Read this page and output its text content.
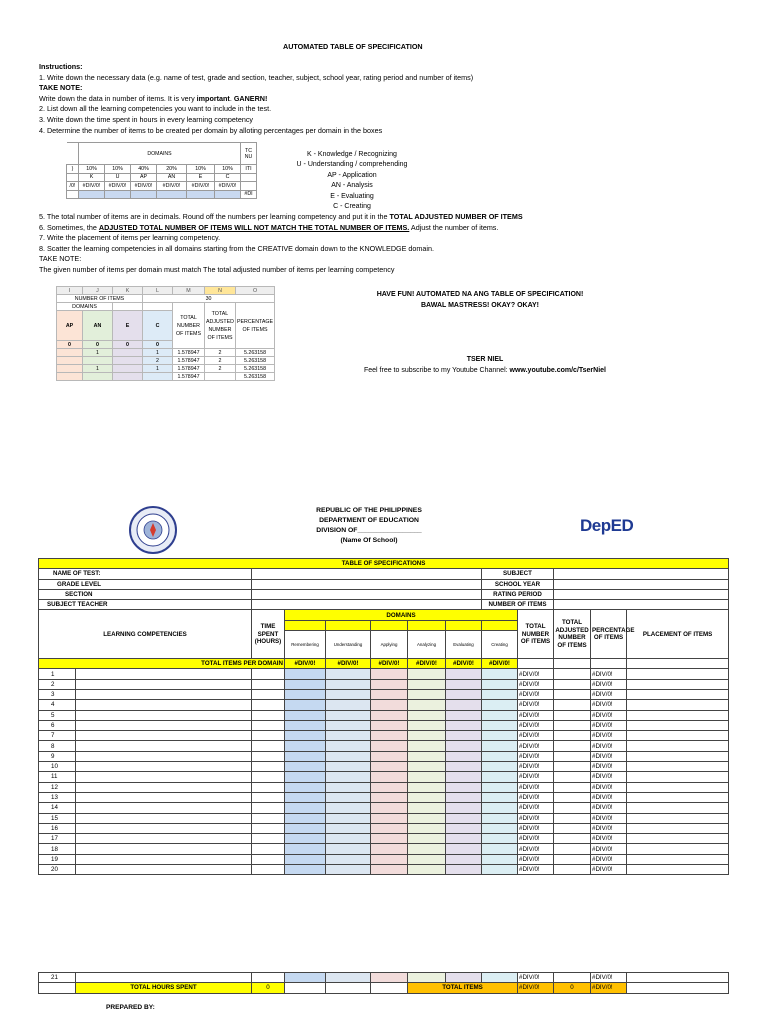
AUTOMATED TABLE OF SPECIFICATION
Instructions:
1. Write down the necessary data (e.g. name of test, grade and section, teacher, subject, school year, rating period and number of items)
TAKE NOTE:
Write down the data in number of items. It is very important. GANERN!
2. List down all the learning competencies you want to include in the test.
3. Write down the time spent in hours in every learning competency
4. Determine the number of items to be created per domain by alloting percentages per domain in the boxes
5. The total number of items are in decimals. Round off the numbers per learning competency and put it in the TOTAL ADJUSTED NUMBER OF ITEMS
6. Sometimes, the ADJUSTED TOTAL NUMBER OF ITEMS WILL NOT MATCH THE TOTAL NUMBER OF ITEMS. Adjust the number of items.
7. Write the placement of items per learning competency.
8. Scatter the learning competencies in all domains starting from the CREATIVE domain down to the KNOWLEDGE domain.
TAKE NOTE:
The given number of items per domain must match The total adjusted number of items per learning competency
	DOMAINS						TC
NU

)	10%	10%	40%	20%	10%	10%	ITI
	K	U	AP	AN	E	C	
/0!	#DIV/0!	#DIV/0!	#DIV/0!	#DIV/0!	#DIV/0!	#DIV/0!	
							#DI
K - Knowledge / Recognizing
U - Understanding / comprehending
AP - Application
AN - Analysis
E - Evaluating
C - Creating
I	J	K	L	M	N	O
NUMBER OF ITEMS			30			
DOMAINS				TOTAL NUMBER OF ITEMS	TOTAL ADJUSTED NUMBER OF ITEMS	PERCENTAGE OF ITEMS
AP	AN	E	C			
0	0	0	0			
	1		1	1.578947	2	5.263158
			2	1.578947	2	5.263158
	1		1	1.578947	2	5.263158
				1.578947		5.263158
HAVE FUN! AUTOMATED NA ANG TABLE OF SPECIFICATION!
BAWAL MASTRESS! OKAY? OKAY!
TSER NIEL
Feel free to subscribe to my Youtube Channel: www.youtube.com/c/TserNiel
REPUBLIC OF THE PHILIPPINES
DEPARTMENT OF EDUCATION
DIVISION OF_________________
(Name Of School)
DepED
TABLE OF SPECIFICATIONS												
NAME OF TEST:								SUBJECT				
GRADE LEVEL								SCHOOL YEAR				
SECTION								RATING PERIOD				
SUBJECT TEACHER								NUMBER OF ITEMS				
LEARNING COMPETENCIES		TIME SPENT (HOURS)	DOMAINS						TOTAL NUMBER OF ITEMS	TOTAL ADJUSTED NUMBER OF ITEMS	PERCENTAGE OF ITEMS	PLACEMENT OF ITEMS

			Remembering	Understanding	Applying	Analyzing	Evaluating	Creating				
TOTAL ITEMS PER DOMAIN			#DIV/0!	#DIV/0!	#DIV/0!	#DIV/0!	#DIV/0!	#DIV/0!				
1									#DIV/0!		#DIV/0!	
2									#DIV/0!		#DIV/0!	
3									#DIV/0!		#DIV/0!	
4									#DIV/0!		#DIV/0!	
5									#DIV/0!		#DIV/0!	
6									#DIV/0!		#DIV/0!	
7									#DIV/0!		#DIV/0!	
8									#DIV/0!		#DIV/0!	
9									#DIV/0!		#DIV/0!	
10									#DIV/0!		#DIV/0!	
11									#DIV/0!		#DIV/0!	
12									#DIV/0!		#DIV/0!	
13									#DIV/0!		#DIV/0!	
14									#DIV/0!		#DIV/0!	
15									#DIV/0!		#DIV/0!	
16									#DIV/0!		#DIV/0!	
17									#DIV/0!		#DIV/0!	
18									#DIV/0!		#DIV/0!	
19									#DIV/0!		#DIV/0!	
20									#DIV/0!		#DIV/0!	
21									#DIV/0!		#DIV/0!	
	TOTAL HOURS SPENT	0				TOTAL ITEMS			#DIV/0!	0	#DIV/0!	
PREPARED BY:
